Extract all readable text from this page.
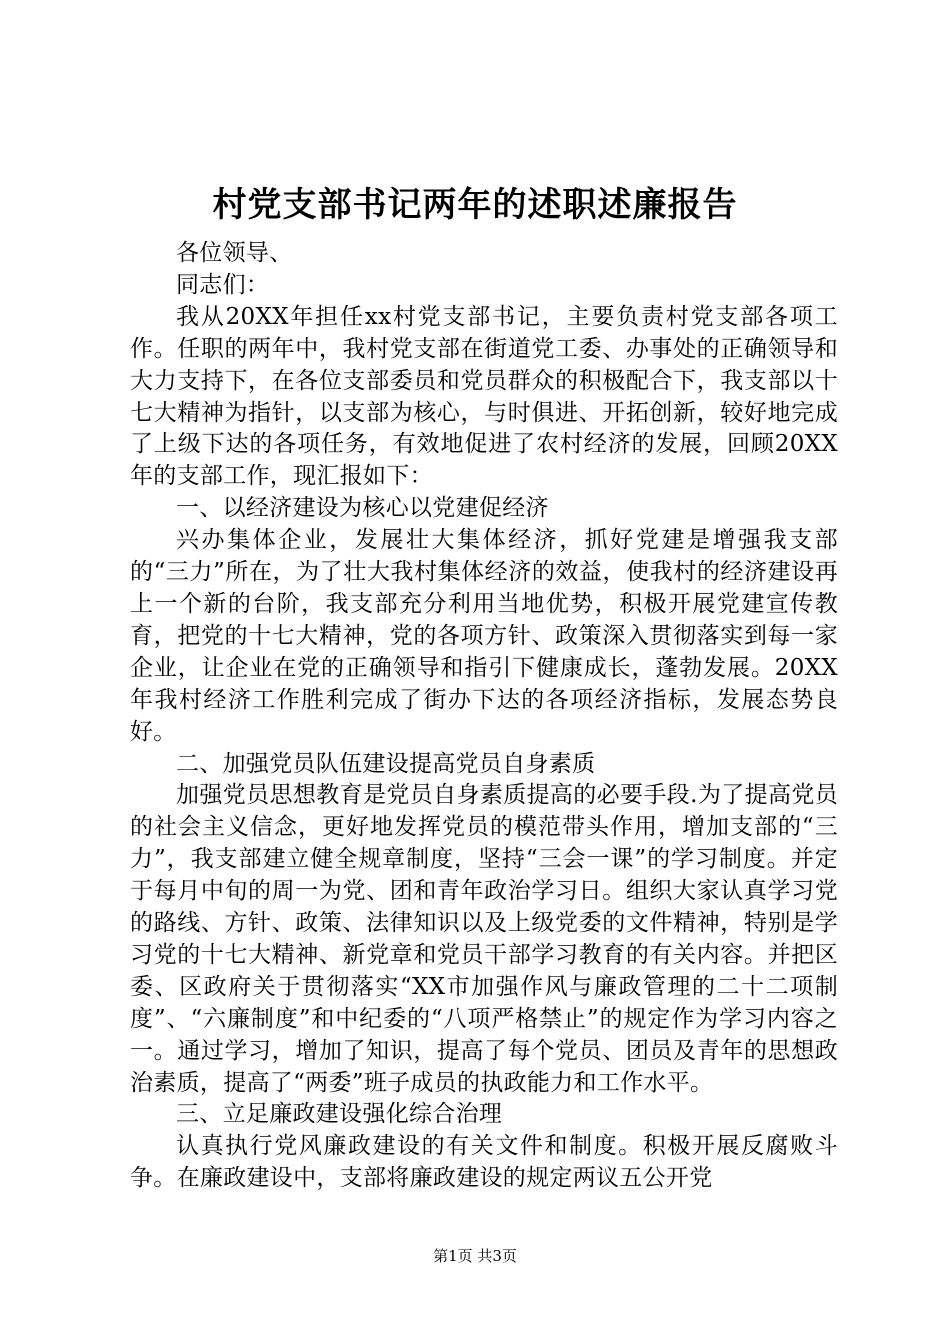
村党支部书记两年的述职述廉报告

各位领导、

同志们：

我从20XX年担任xx村党支部书记，主要负责村党支部各项工作。任职的两年中，我村党支部在街道党工委、办事处的正确领导和大力支持下，在各位支部委员和党员群众的积极配合下，我支部以十七大精神为指针，以支部为核心，与时俱进、开拓创新，较好地完成了上级下达的各项任务，有效地促进了农村经济的发展，回顾20XX年的支部工作，现汇报如下：

一、以经济建设为核心以党建促经济

兴办集体企业，发展壮大集体经济，抓好党建是增强我支部的“三力”所在，为了壮大我村集体经济的效益，使我村的经济建设再上一个新的台阶，我支部充分利用当地优势，积极开展党建宣传教育，把党的十七大精神，党的各项方针、政策深入贯彻落实到每一家企业，让企业在党的正确领导和指引下健康成长，蓬勃发展。20XX年我村经济工作胜利完成了街办下达的各项经济指标，发展态势良好。

二、加强党员队伍建设提高党员自身素质

加强党员思想教育是党员自身素质提高的必要手段.为了提高党员的社会主义信念，更好地发挥党员的模范带头作用，增加支部的“三力”，我支部建立健全规章制度，坚持“三会一课”的学习制度。并定于每月中旬的周一为党、团和青年政治学习日。组织大家认真学习党的路线、方针、政策、法律知识以及上级党委的文件精神，特别是学习党的十七大精神、新党章和党员干部学习教育的有关内容。并把区委、区政府关于贯彻落实“XX市加强作风与廉政管理的二十二项制度”、“六廉制度”和中纪委的“八项严格禁止”的规定作为学习内容之一。通过学习，增加了知识，提高了每个党员、团员及青年的思想政治素质，提高了“两委”班子成员的执政能力和工作水平。

三、立足廉政建设强化综合治理

认真执行党风廉政建设的有关文件和制度。积极开展反腐败斗争。在廉政建设中，支部将廉政建设的规定两议五公开党

第1页 共3页
